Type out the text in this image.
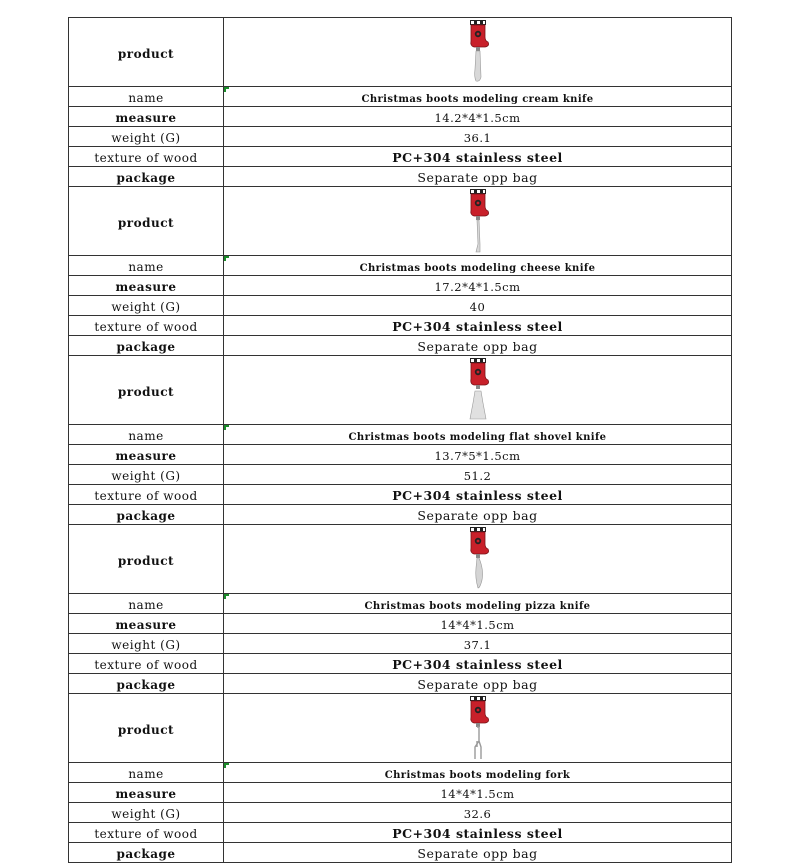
product	

name	Christmas boots modeling cream knife
measure	14.2*4*1.5cm
weight (G)	36.1
texture of wood	PC+304 stainless steel
package	Separate opp bag
product	

name	Christmas boots modeling cheese knife
measure	17.2*4*1.5cm
weight (G)	40
texture of wood	PC+304 stainless steel
package	Separate opp bag
product	

name	Christmas boots modeling flat shovel knife
measure	13.7*5*1.5cm
weight (G)	51.2
texture of wood	PC+304 stainless steel
package	Separate opp bag
product	

name	Christmas boots modeling pizza knife
measure	14*4*1.5cm
weight (G)	37.1
texture of wood	PC+304 stainless steel
package	Separate opp bag
product	

name	Christmas boots modeling fork
measure	14*4*1.5cm
weight (G)	32.6
texture of wood	PC+304 stainless steel
package	Separate opp bag
